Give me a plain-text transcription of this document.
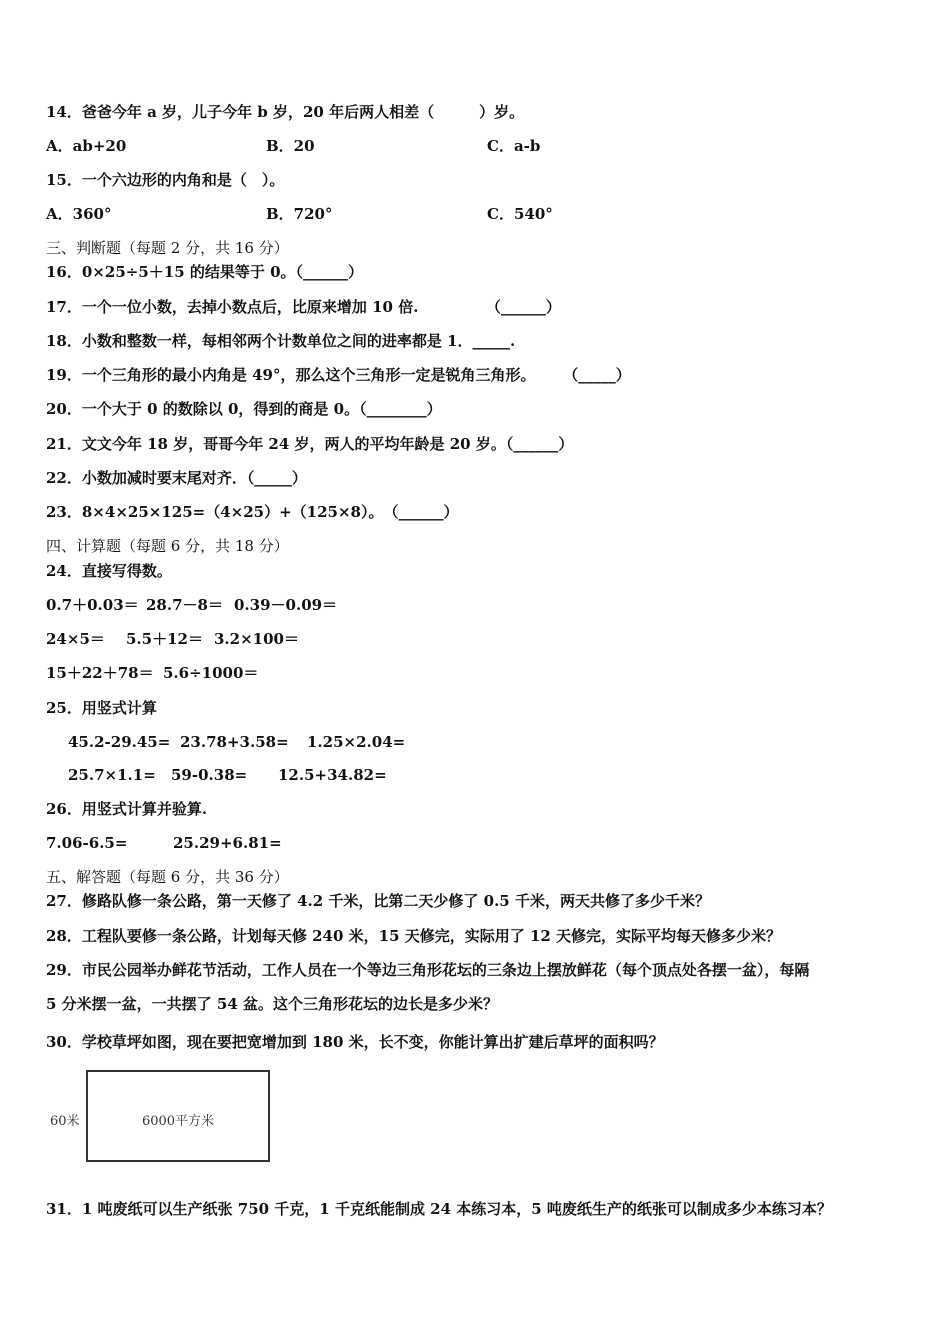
14．爸爸今年 a 岁，儿子今年 b 岁，20 年后两人相差（　　　）岁。
A．ab+20	B．20	C．a-b
15．一个六边形的内角和是（　）。
A．360°	B．720°	C．540°
三、判断题（每题 2 分，共 16 分）
16．0×25÷5＋15 的结果等于 0。（______）
17．一个一位小数，去掉小数点后，比原来增加 10 倍.　　　　　（______）
18．小数和整数一样，每相邻两个计数单位之间的进率都是 1．_____.
19．一个三角形的最小内角是 49°，那么这个三角形一定是锐角三角形。　　 （_____）
20．一个大于 0 的数除以 0，得到的商是 0。（________）
21．文文今年 18 岁，哥哥今年 24 岁，两人的平均年龄是 20 岁。（______）
22．小数加减时要末尾对齐．（_____）
23．8×4×25×125=（4×25）+（125×8）。　（______）
四、计算题（每题 6 分，共 18 分）
24．直接写得数。
0.7＋0.03＝ 28.7－8＝ 0.39－0.09＝
24×5＝ 5.5＋12＝ 3.2×100＝
15＋22＋78＝ 5.6÷1000＝
25．用竖式计算
45.2-29.45= 23.78+3.58= 1.25×2.04=
25.7×1.1= 59-0.38= 12.5+34.82=
26．用竖式计算并验算.
7.06-6.5=	25.29+6.81=
五、解答题（每题 6 分，共 36 分）
27．修路队修一条公路，第一天修了 4.2 千米，比第二天少修了 0.5 千米，两天共修了多少千米？
28．工程队要修一条公路，计划每天修 240 米，15 天修完，实际用了 12 天修完，实际平均每天修多少米？
29．市民公园举办鲜花节活动，工作人员在一个等边三角形花坛的三条边上摆放鲜花（每个顶点处各摆一盆），每隔
5 分米摆一盆，一共摆了 54 盆。这个三角形花坛的边长是多少米？
30．学校草坪如图，现在要把宽增加到 180 米，长不变，你能计算出扩建后草坪的面积吗？
60米	6000平方米
31．1 吨废纸可以生产纸张 750 千克，1 千克纸能制成 24 本练习本，5 吨废纸生产的纸张可以制成多少本练习本？
